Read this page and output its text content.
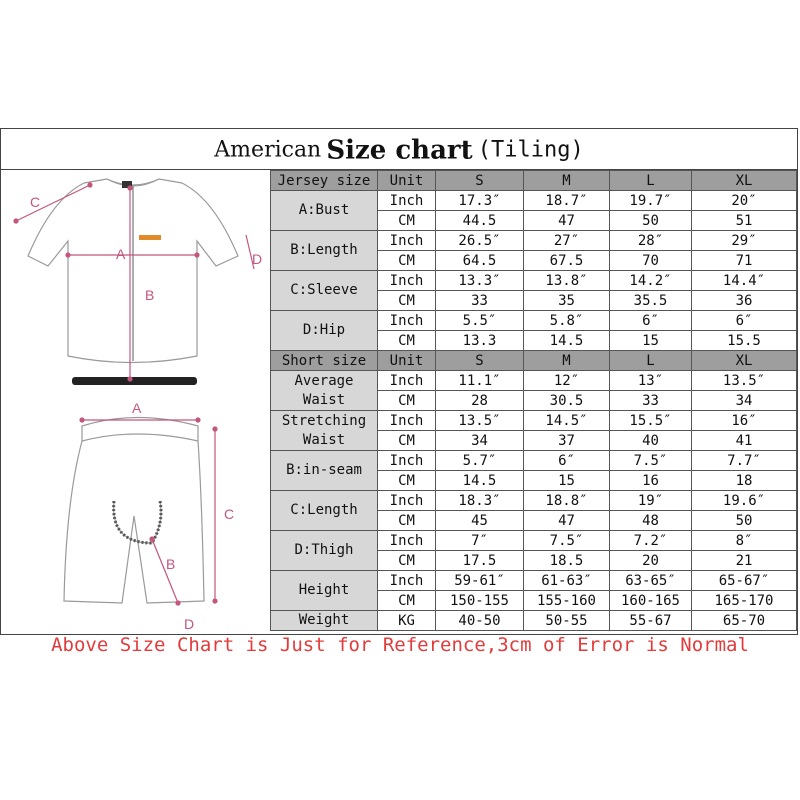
American Size chart (Tiling)
C
A
B
D
A
C
B
D
Jersey size	Unit	S	M	L	XL
A:Bust	Inch	17.3″	18.7″	19.7″	20″
	CM	44.5	47	50	51
B:Length	Inch	26.5″	27″	28″	29″
	CM	64.5	67.5	70	71
C:Sleeve	Inch	13.3″	13.8″	14.2″	14.4″
	CM	33	35	35.5	36
D:Hip	Inch	5.5″	5.8″	6″	6″
	CM	13.3	14.5	15	15.5
Short size	Unit	S	M	L	XL
Average
Waist	Inch	11.1″	12″	13″	13.5″
	CM	28	30.5	33	34
Stretching
Waist	Inch	13.5″	14.5″	15.5″	16″
	CM	34	37	40	41
B:in-seam	Inch	5.7″	6″	7.5″	7.7″
	CM	14.5	15	16	18
C:Length	Inch	18.3″	18.8″	19″	19.6″
	CM	45	47	48	50
D:Thigh	Inch	7″	7.5″	7.2″	8″
	CM	17.5	18.5	20	21
Height	Inch	59-61″	61-63″	63-65″	65-67″
	CM	150-155	155-160	160-165	165-170
Weight	KG	40-50	50-55	55-67	65-70
Above Size Chart is Just for Reference,3cm of Error is Normal
